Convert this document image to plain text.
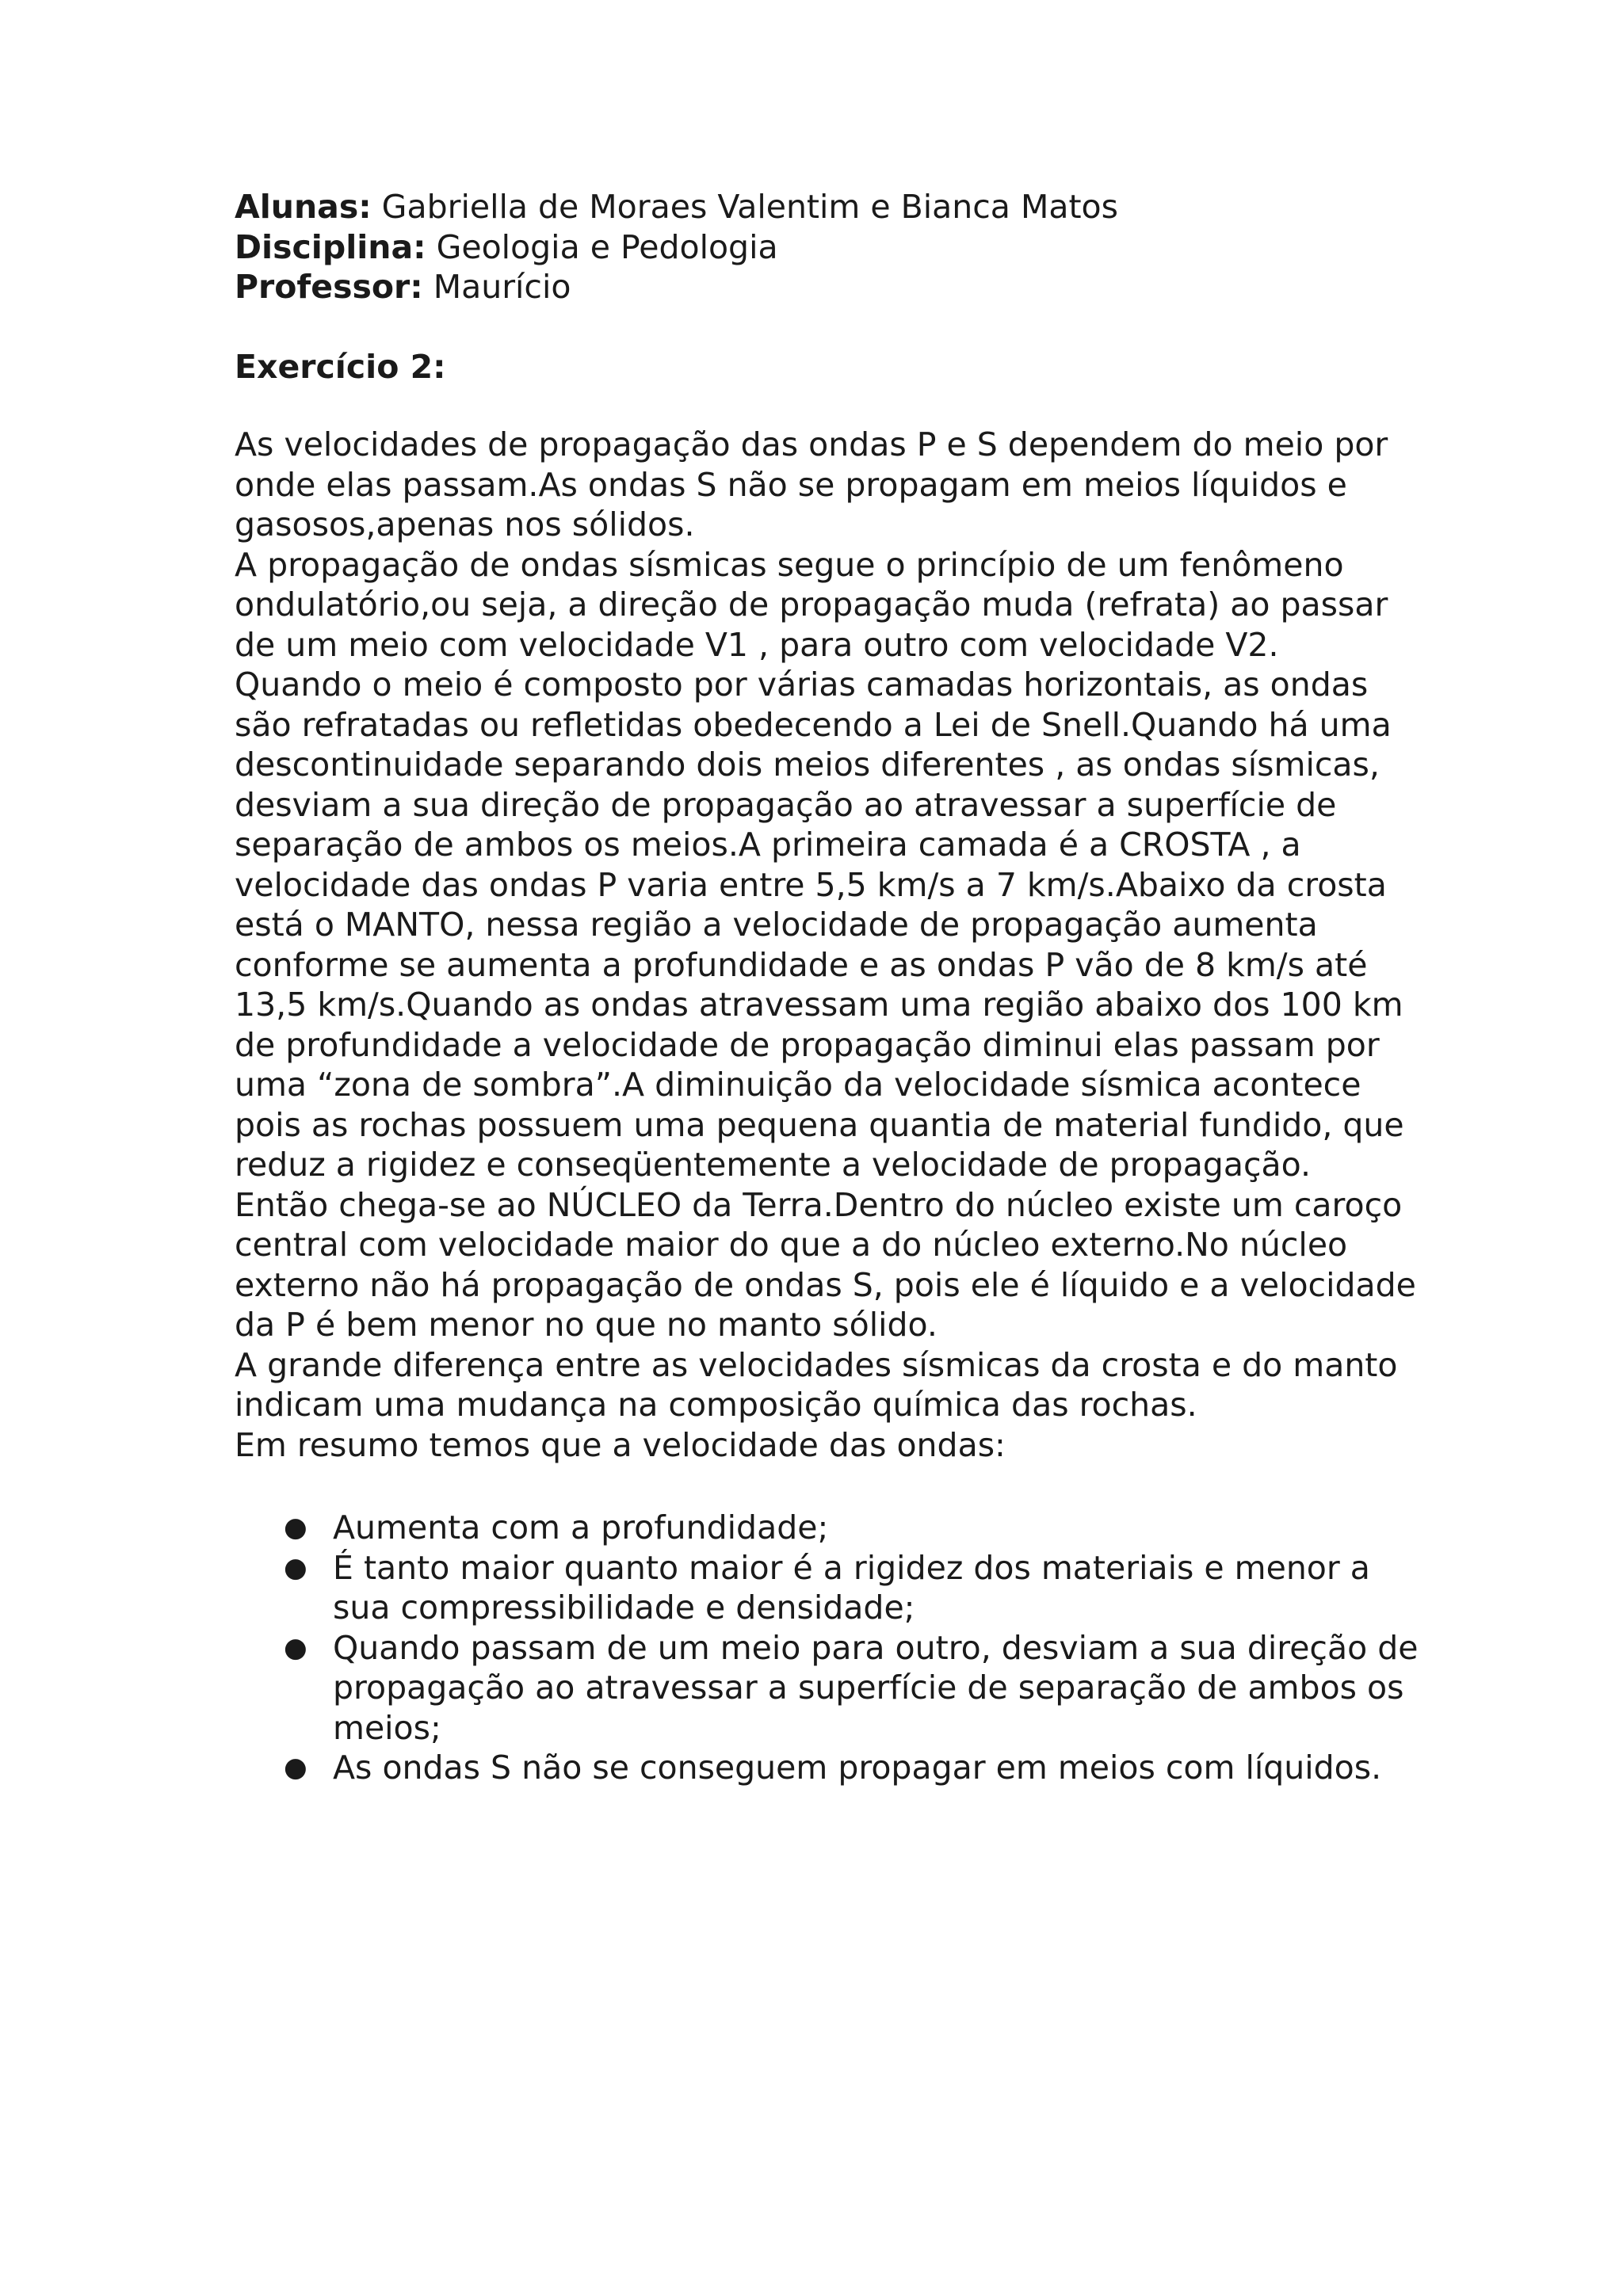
Alunas: Gabriella de Moraes Valentim e Bianca Matos

Disciplina: Geologia e Pedologia

Professor: Maurício

Exercício 2:

As velocidades de propagação das ondas P e S dependem do meio por onde elas passam.As ondas S não se propagam em meios líquidos e gasosos,apenas nos sólidos.

A propagação de ondas sísmicas segue o princípio de um fenômeno ondulatório,ou seja, a direção de propagação muda (refrata) ao passar de um meio com velocidade V1 , para outro com velocidade V2.

Quando o meio é composto por várias camadas horizontais, as ondas são refratadas ou refletidas obedecendo a Lei de Snell.Quando há uma descontinuidade separando dois meios diferentes , as ondas sísmicas, desviam a sua direção de propagação ao atravessar a superfície de separação de ambos os meios.A primeira camada é a CROSTA , a velocidade das ondas P varia entre 5,5 km/s a 7 km/s.Abaixo da crosta está o MANTO, nessa região a velocidade de propagação aumenta conforme se aumenta a profundidade e as ondas P vão de 8 km/s até 13,5 km/s.Quando as ondas atravessam uma região abaixo dos 100 km de profundidade a velocidade de propagação diminui elas passam por uma “zona de sombra”.A diminuição da velocidade sísmica acontece pois as rochas possuem uma pequena quantia de material fundido, que reduz a rigidez e conseqüentemente a velocidade de propagação.

Então chega-se ao NÚCLEO da Terra.Dentro do núcleo existe um caroço central com velocidade maior do que a do núcleo externo.No núcleo externo não há propagação de ondas S, pois ele é líquido e a velocidade da P é bem menor no que no manto sólido.

A grande diferença entre as velocidades sísmicas da crosta e do manto indicam uma mudança na composição química das rochas.

Em resumo temos que a velocidade das ondas:

● Aumenta com a profundidade;
● É tanto maior quanto maior é a rigidez dos materiais e menor a sua compressibilidade e densidade;
● Quando passam de um meio para outro, desviam a sua direção de propagação ao atravessar a superfície de separação de ambos os meios;
● As ondas S não se conseguem propagar em meios com líquidos.
